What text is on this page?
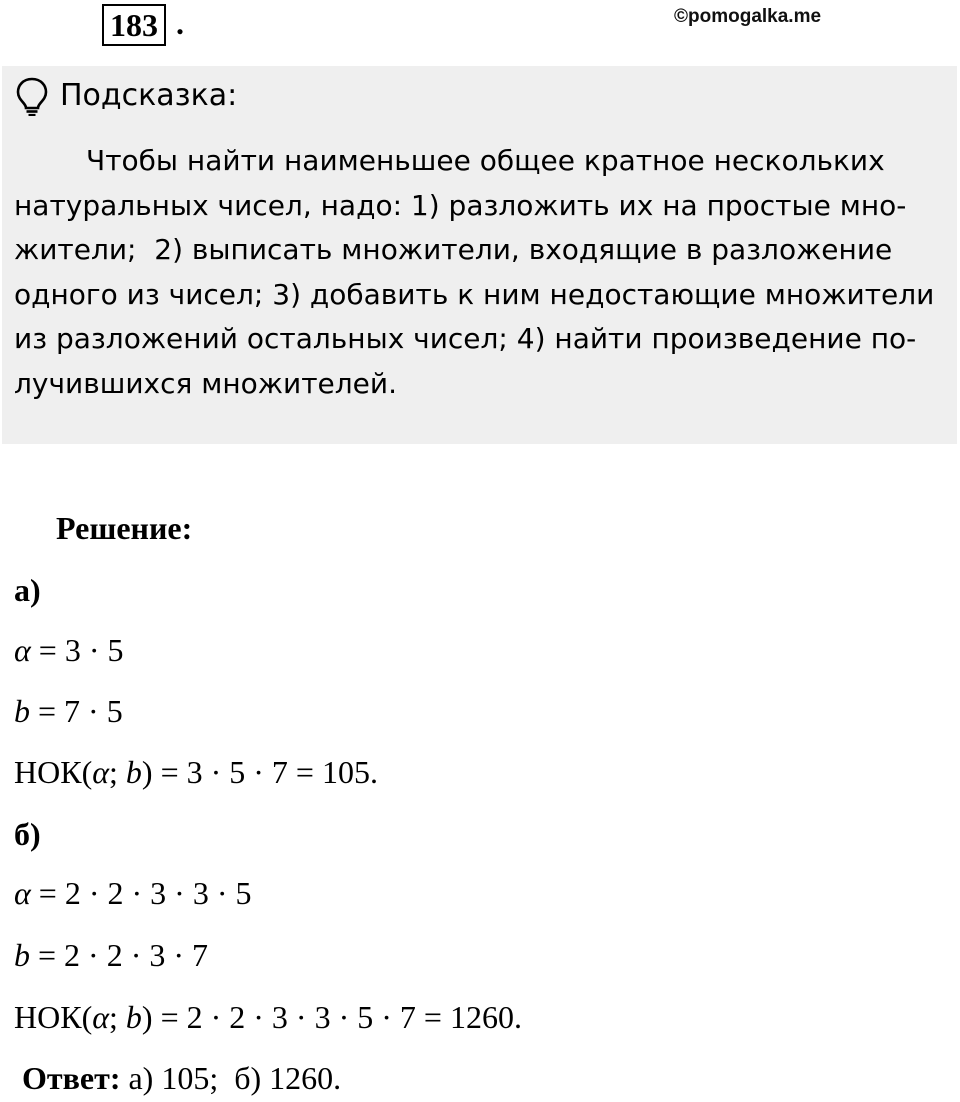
183 .	©pomogalka.me
Подсказка:
Чтобы найти наименьшее общее кратное нескольких
натуральных чисел, надо: 1) разложить их на простые мно-
жители;  2) выписать множители, входящие в разложение
одного из чисел; 3) добавить к ним недостающие множители
из разложений остальных чисел; 4) найти произведение по-
лучившихся множителей.
Решение:
а)
α = 3 · 5
b = 7 · 5
НОК(α; b) = 3 · 5 · 7 = 105.
б)
α = 2 · 2 · 3 · 3 · 5
b = 2 · 2 · 3 · 7
НОК(α; b) = 2 · 2 · 3 · 3 · 5 · 7 = 1260.
Ответ: а) 105;  б) 1260.
